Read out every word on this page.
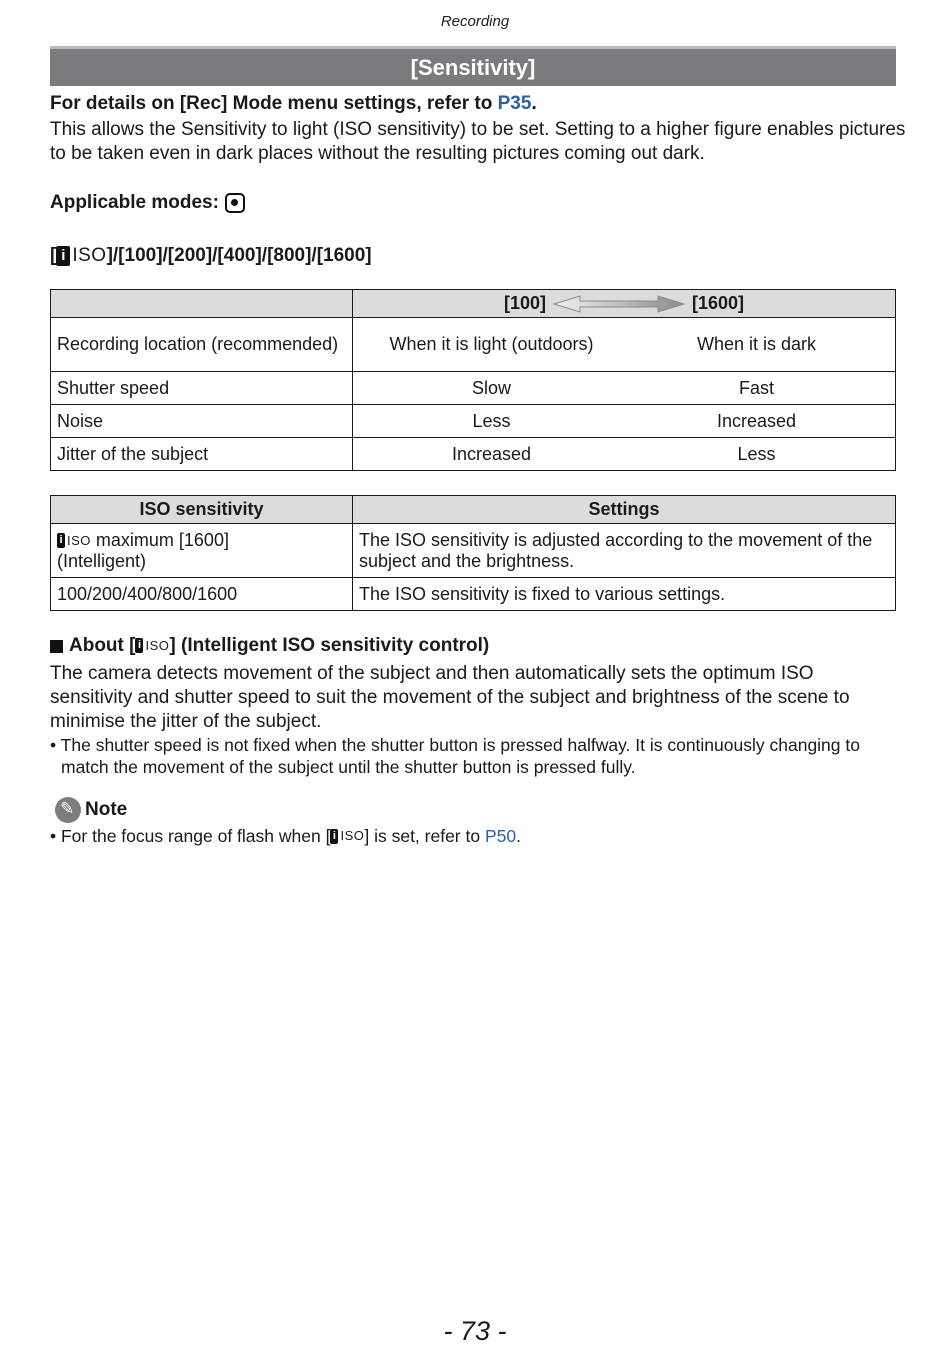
Recording
[Sensitivity]
For details on [Rec] Mode menu settings, refer to P35.
This allows the Sensitivity to light (ISO sensitivity) to be set. Setting to a higher figure enables pictures to be taken even in dark places without the resulting pictures coming out dark.
Applicable modes:
[ i ISO ]/[100]/[200]/[400]/[800]/[1600]

	[100] [1600]

Recording location (recommended)	When it is light (outdoors) When it is dark

Shutter speed	Slow Fast

Noise	Less Increased

Jitter of the subject	Increased Less
ISO sensitivity	Settings

i ISO maximum [1600]
(Intelligent)	The ISO sensitivity is adjusted according to the movement of the subject and the brightness.
100/200/400/800/1600	The ISO sensitivity is fixed to various settings.
About [ i ISO ] (Intelligent ISO sensitivity control)
The camera detects movement of the subject and then automatically sets the optimum ISO sensitivity and shutter speed to suit the movement of the subject and brightness of the scene to minimise the jitter of the subject.
• The shutter speed is not fixed when the shutter button is pressed halfway. It is continuously changing to match the movement of the subject until the shutter button is pressed fully.
✎
Note
• For the focus range of flash when [ i ISO ] is set, refer to P50 .
- 73 -
